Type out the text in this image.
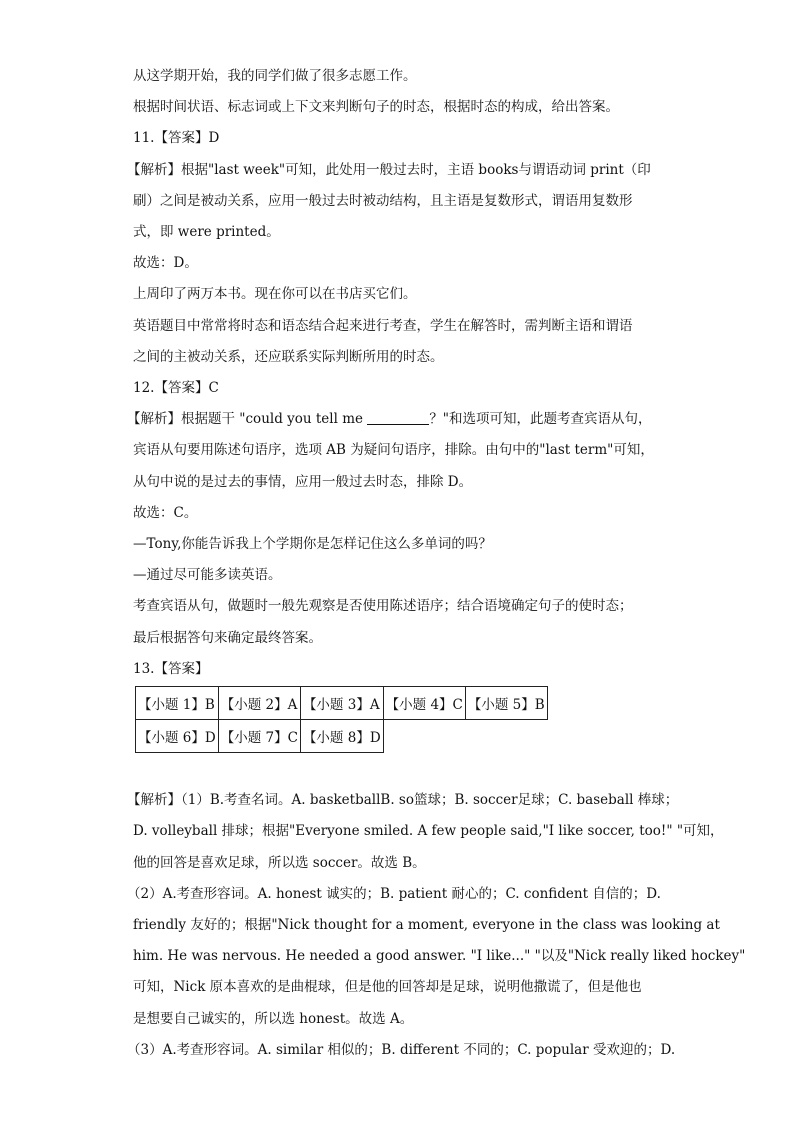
从这学期开始，我的同学们做了很多志愿工作。
根据时间状语、标志词或上下文来判断句子的时态，根据时态的构成，给出答案。
11.【答案】D
【解析】根据"last week"可知，此处用一般过去时，主语 books与谓语动词 print（印
刷）之间是被动关系，应用一般过去时被动结构，且主语是复数形式，谓语用复数形
式，即 were printed。
故选：D。
上周印了两万本书。现在你可以在书店买它们。
英语题目中常常将时态和语态结合起来进行考查，学生在解答时，需判断主语和谓语
之间的主被动关系，还应联系实际判断所用的时态。
12.【答案】C
【解析】根据题干 "could you tell me	？"和选项可知，此题考查宾语从句，
宾语从句要用陈述句语序，选项 AB 为疑问句语序，排除。由句中的"last term"可知，
从句中说的是过去的事情，应用一般过去时态，排除 D。
故选：C。
—Tony,你能告诉我上个学期你是怎样记住这么多单词的吗？
—通过尽可能多读英语。
考查宾语从句，做题时一般先观察是否使用陈述语序；结合语境确定句子的使时态；
最后根据答句来确定最终答案。
13.【答案】
【小题 1】B	【小题 2】A	【小题 3】A	【小题 4】C	【小题 5】B
【小题 6】D	【小题 7】C	【小题 8】D		
【解析】（1）B.考查名词。A. basketballB. so篮球；B. soccer足球；C. baseball 棒球；
D. volleyball 排球；根据"Everyone smiled. A few people said,"I like soccer, too!" "可知，
他的回答是喜欢足球，所以选 soccer。故选 B。
（2）A.考查形容词。A. honest 诚实的；B. patient 耐心的；C. confident 自信的；D.
friendly 友好的；根据"Nick thought for a moment, everyone in the class was looking at
him. He was nervous. He needed a good answer. "I like..." "以及"Nick really liked hockey"
可知，Nick 原本喜欢的是曲棍球，但是他的回答却是足球，说明他撒谎了，但是他也
是想要自己诚实的，所以选 honest。故选 A。
（3）A.考查形容词。A. similar 相似的；B. different 不同的；C. popular 受欢迎的；D.
